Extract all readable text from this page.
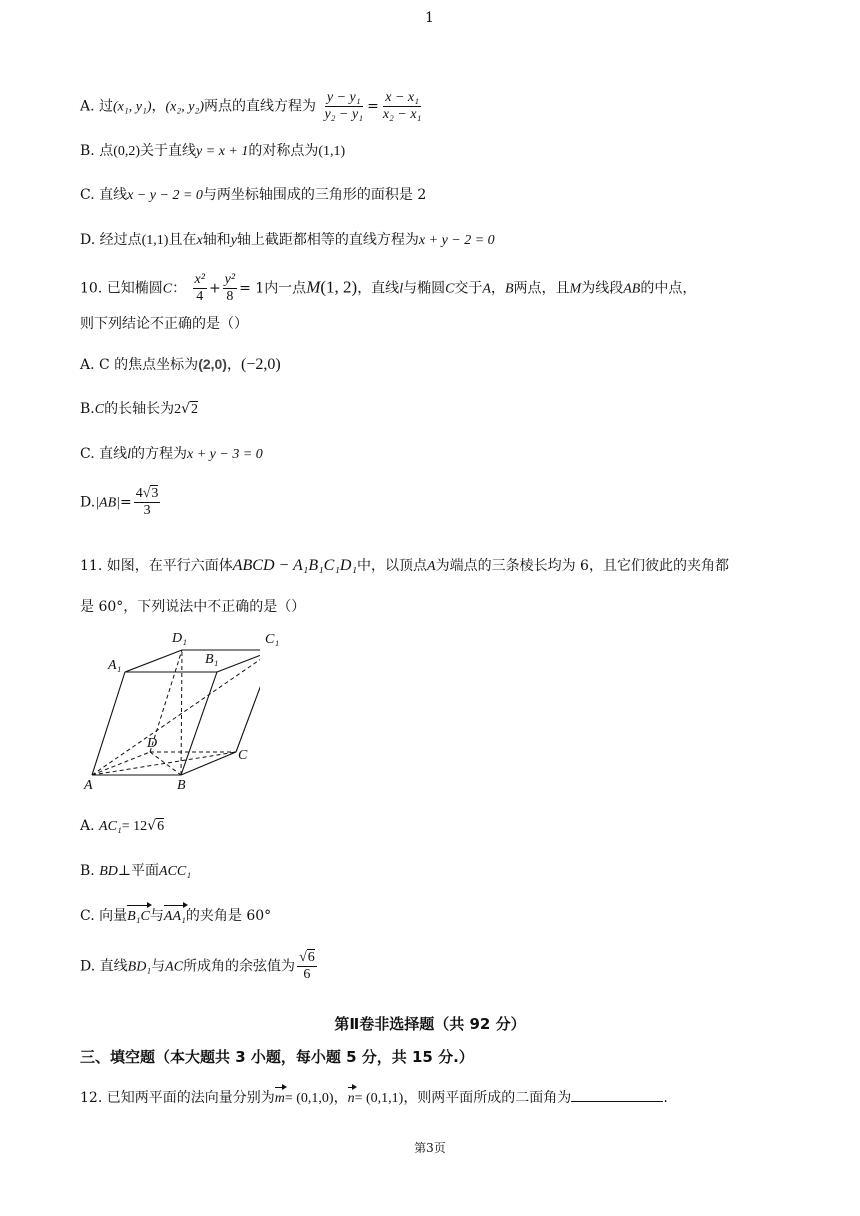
1
A. 过(x₁, y₁)，(x₂, y₂)两点的直线方程为 $\frac{\text{y − y₁}}{\text{y₂ − y₁}} = \frac{\text{x − x₁}}{\text{x₂ − x₁}}$
B. 点(0,2)关于直线y = x + 1的对称点为(1,1)
C. 直线x − y − 2 = 0与两坐标轴围成的三角形的面积是 2
D. 经过点(1,1)且在x轴和y轴上截距都相等的直线方程为x + y − 2 = 0
10. 已知椭圆C： $\frac{\text{x²}}{4} + \frac{\text{y²}}{8} = 1$内一点M(1, 2)，直线l与椭圆C交于A，B两点，且M为线段AB的中点，
则下列结论不正确的是（）
A. C 的焦点坐标为(2,0)，(−2,0)
B.C的长轴长为2√2
C. 直线l的方程为x + y − 3 = 0
$D.|AB|= \frac{4√3}{3}$
11. 如图，在平行六面体ABCD − A₁B₁C₁D₁中，以顶点A为端点的三条棱长均为 6，且它们彼此的夹角都
是 60°，下列说法中不正确的是（）
A	B
C
D
A₁	B₁
C₁
D₁
A. AC₁= 12√6
B. BD⊥平面ACC₁
C. 向量B₁C与AA₁的夹角是 60°
D. 直线BD₁与AC所成角的余弦值为 $\frac{√6}{6}$
第Ⅱ卷非选择题（共 92 分）
三、填空题（本大题共 3 小题，每小题 5 分，共 15 分.）
12. 已知两平面的法向量分别为m= (0,1,0)，n= (0,1,1)，则两平面所成的二面角为	.
第3页
